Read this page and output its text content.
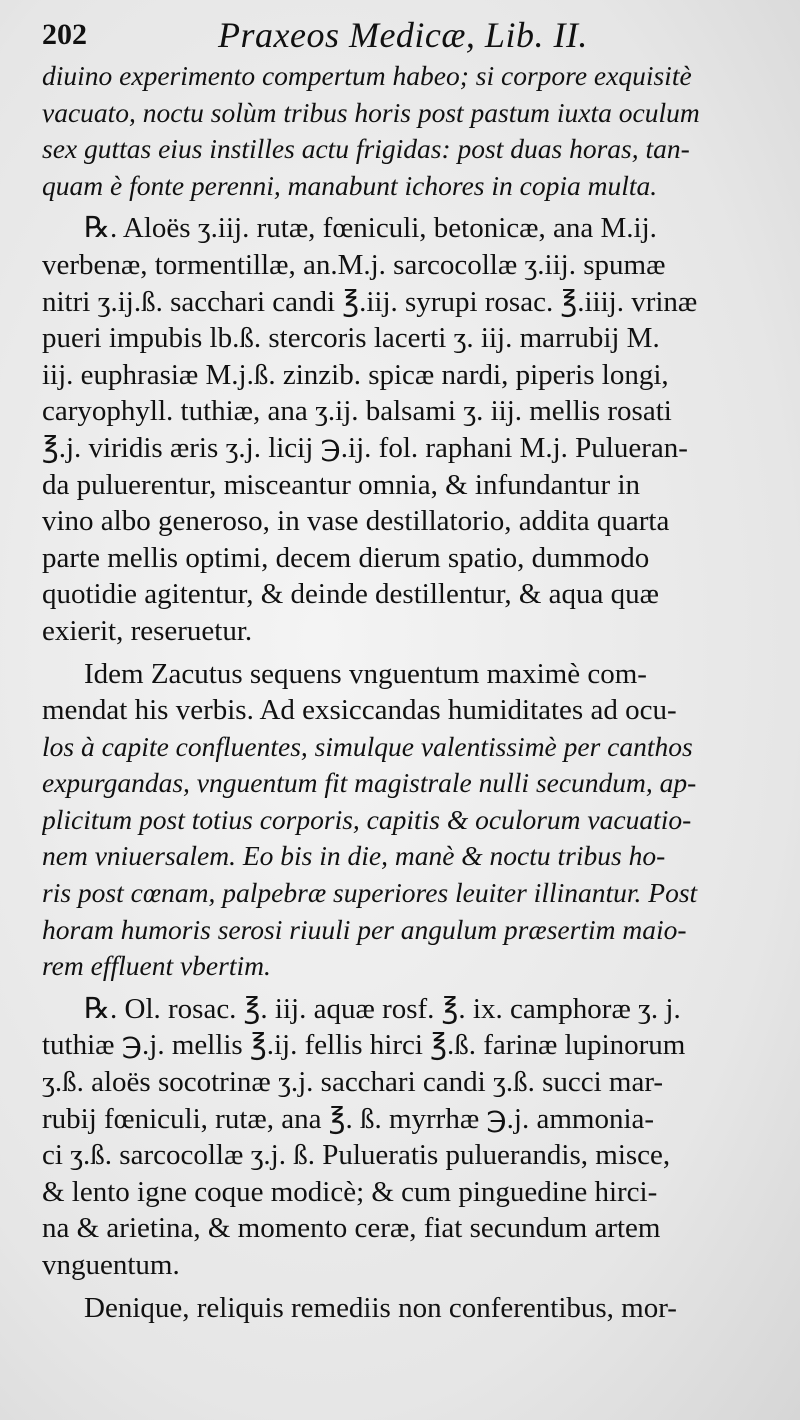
202	Praxeos Medicæ, Lib. II.
diuino experimento compertum habeo; si corpore exquisitè
vacuato, noctu solùm tribus horis post pastum iuxta oculum
sex guttas eius instilles actu frigidas: post duas horas, tan-
quam è fonte perenni, manabunt ichores in copia multa.
℞. Aloës ʒ.iij. rutæ, fœniculi, betonicæ, ana M.ij.
verbenæ, tormentillæ, an.M.j. sarcocollæ ʒ.iij. spumæ
nitri ʒ.ij.ß. sacchari candi ℥.iij. syrupi rosac. ℥.iiij. vrinæ
pueri impubis lb.ß. stercoris lacerti ʒ. iij. marrubij M.
iij. euphrasiæ M.j.ß. zinzib. spicæ nardi, piperis longi,
caryophyll. tuthiæ, ana ʒ.ij. balsami ʒ. iij. mellis rosati
℥.j. viridis æris ʒ.j. licij ℈.ij. fol. raphani M.j. Pulueran-
da puluerentur, misceantur omnia, & infundantur in
vino albo generoso, in vase destillatorio, addita quarta
parte mellis optimi, decem dierum spatio, dummodo
quotidie agitentur, & deinde destillentur, & aqua quæ
exierit, reseruetur.
Idem Zacutus sequens vnguentum maximè com-
mendat his verbis. Ad exsiccandas humiditates ad ocu-
los à capite confluentes, simulque valentissimè per canthos
expurgandas, vnguentum fit magistrale nulli secundum, ap-
plicitum post totius corporis, capitis & oculorum vacuatio-
nem vniuersalem. Eo bis in die, manè & noctu tribus ho-
ris post cœnam, palpebræ superiores leuiter illinantur. Post
horam humoris serosi riuuli per angulum præsertim maio-
rem effluent vbertim.
℞. Ol. rosac. ℥. iij. aquæ rosf. ℥. ix. camphoræ ʒ. j.
tuthiæ ℈.j. mellis ℥.ij. fellis hirci ℥.ß. farinæ lupinorum
ʒ.ß. aloës socotrinæ ʒ.j. sacchari candi ʒ.ß. succi mar-
rubij fœniculi, rutæ, ana ℥. ß. myrrhæ ℈.j. ammonia-
ci ʒ.ß. sarcocollæ ʒ.j. ß. Pulueratis puluerandis, misce,
& lento igne coque modicè; & cum pinguedine hirci-
na & arietina, & momento ceræ, fiat secundum artem
vnguentum.
Denique, reliquis remediis non conferentibus, mor-
